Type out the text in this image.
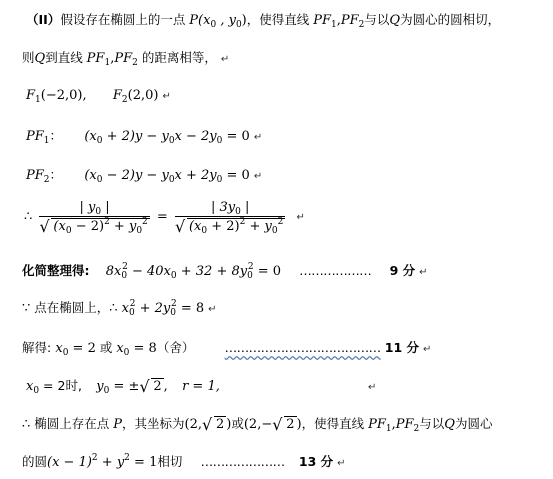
（II）假设存在椭圆上的一点 $P(x_0$ , $y_0$)，使得直线 $PF_1,PF_2$与以Q为圆心的圆相切，
则Q到直线 $PF_1,PF_2$ 的距离相等， ↵
$F_1(-2,0)$, $F_2(2,0)$ ↵
$PF_1$： $(x_0 + 2)y - y_0x - 2y_0 = 0$ ↵
$PF_2$： $(x_0 - 2)y - y_0x + 2y_0 = 0$ ↵
∴ $\frac{| y_0 |}{√ (x_0 - 2)^2 + y_0^2} = \frac{| 3y_0 |}{√ (x_0 + 2)^2 + y_0^2}$ ↵
化简整理得: $8x_0^2 - 40x_0 + 32 + 8y_0^2 = 0$ ……………… 9 分 ↵
∵ 点在椭圆上，∴ $x_0^2 + 2y_0^2 = 8$ ↵
解得: $x_0 = 2$ 或 $x_0 = 8$（舍） ………………………………… 11 分 ↵
$x_0 = 2$时, $y_0$ = ± √ 2 , r = 1,	↵
∴ 椭圆上存在点 P，其坐标为(2, √ 2 )或(2,− √ 2 )，使得直线 $PF_1,PF_2$与以Q为圆心
的圆$(x - 1)^2 + y^2 = 1$相切 ………………… 13 分 ↵
